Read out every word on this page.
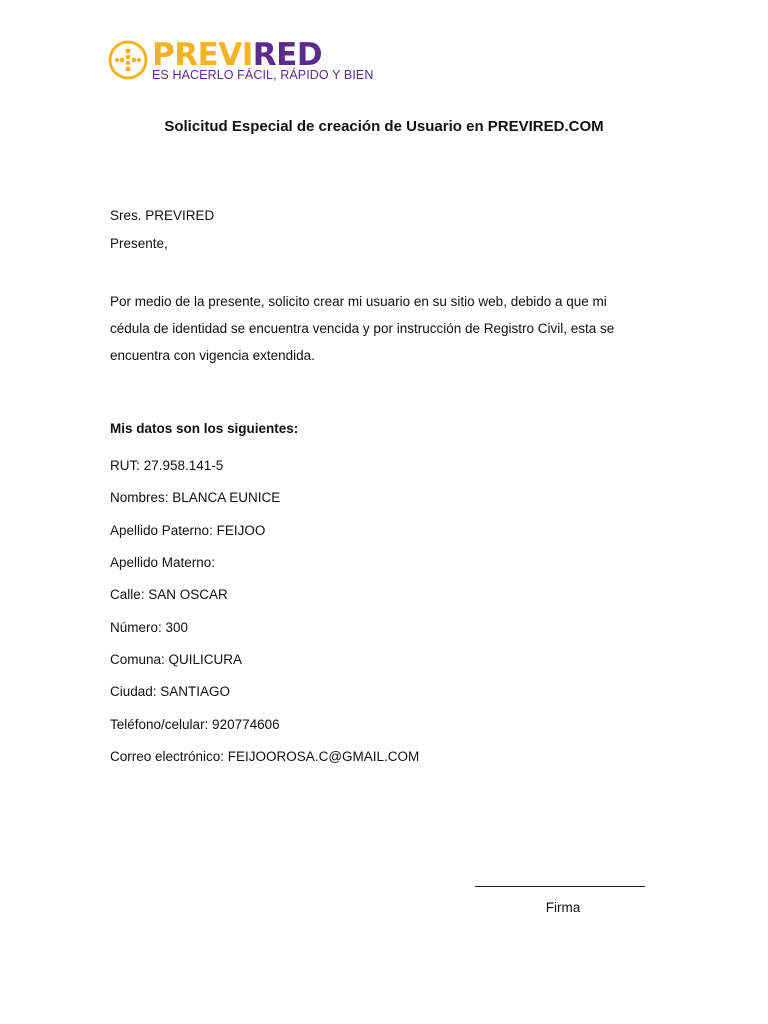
PREVIRED
ES HACERLO FÁCIL, RÁPIDO Y BIEN
Solicitud Especial de creación de Usuario en PREVIRED.COM
Sres. PREVIRED
Presente,
Por medio de la presente, solicito crear mi usuario en su sitio web, debido a que mi
cédula de identidad se encuentra vencida y por instrucción de Registro Civil, esta se
encuentra con vigencia extendida.
Mis datos son los siguientes:
RUT: 27.958.141-5
Nombres: BLANCA EUNICE
Apellido Paterno: FEIJOO
Apellido Materno:
Calle: SAN OSCAR
Número: 300
Comuna: QUILICURA
Ciudad: SANTIAGO
Teléfono/celular: 920774606
Correo electrónico: FEIJOOROSA.C@GMAIL.COM
Firma
